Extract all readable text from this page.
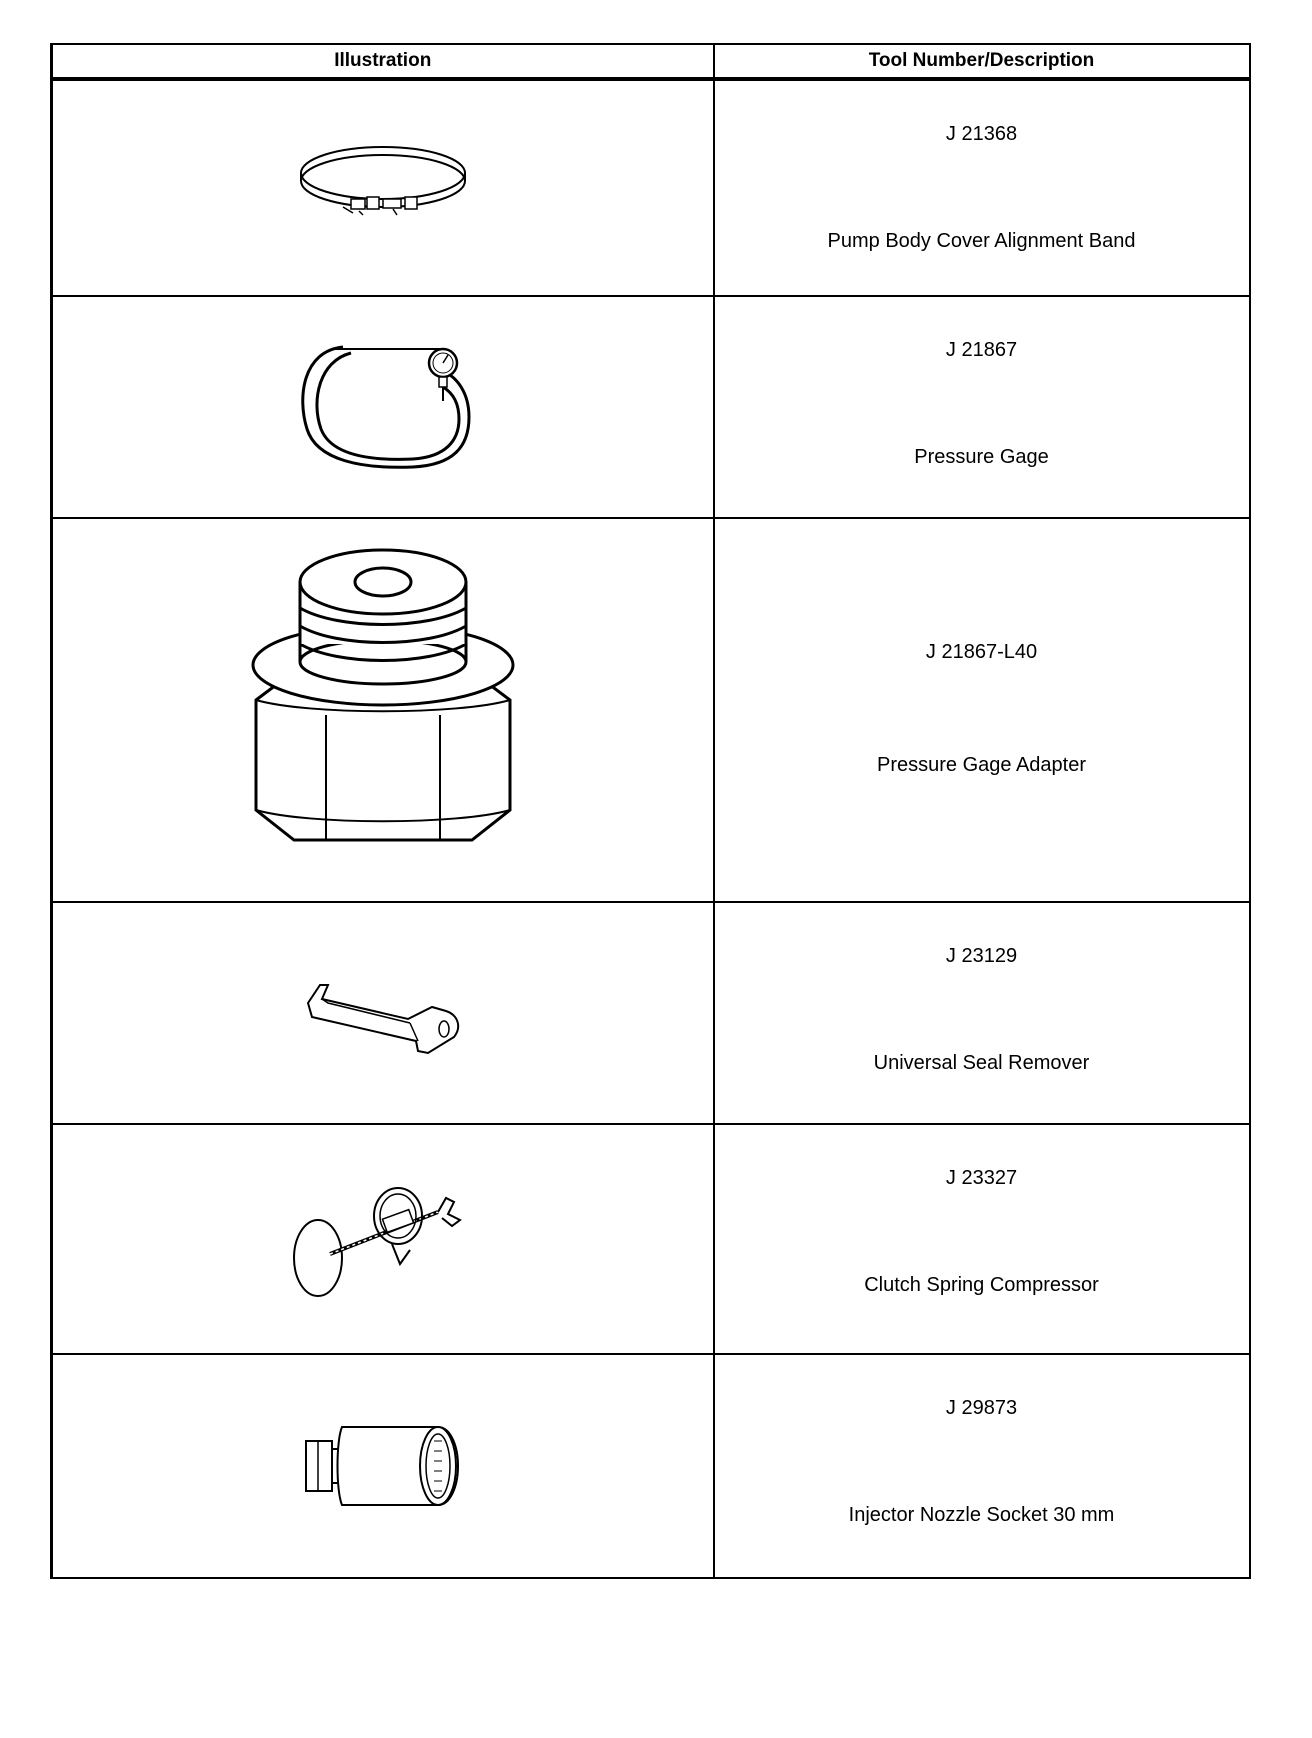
Illustration	Tool Number/Description

J 21368
Pump Body Cover Alignment Band

J 21867
Pressure Gage

J 21867-L40
Pressure Gage Adapter

J 23129
Universal Seal Remover

J 23327
Clutch Spring Compressor

J 29873
Injector Nozzle Socket 30 mm
